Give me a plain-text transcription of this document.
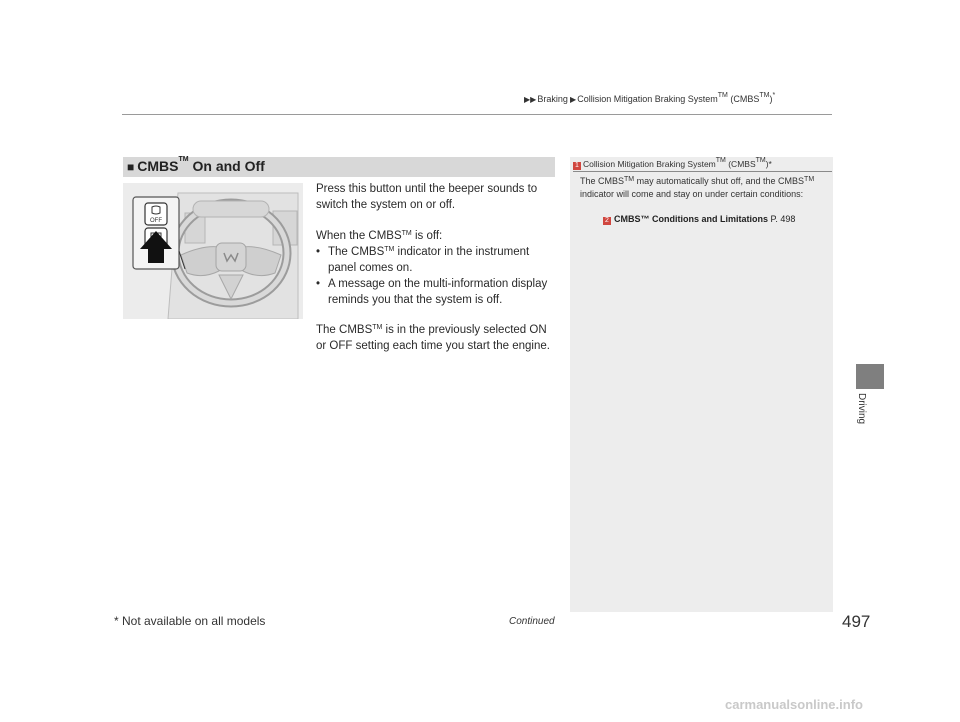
▶▶Braking ▶Collision Mitigation Braking System™ (CMBS™)*
■ CMBS™ On and Off
OFF
Press this button until the beeper sounds to switch the system on or off.
When the CMBS™ is off:
• The CMBS™ indicator in the instrument panel comes on.
• A message on the multi-information display reminds you that the system is off.
The CMBS™ is in the previously selected ON or OFF setting each time you start the engine.
1 Collision Mitigation Braking System™ (CMBS™)*
The CMBS™ may automatically shut off, and the CMBS™ indicator will come and stay on under certain conditions:
2 CMBS™ Conditions and Limitations P. 498
Driving
* Not available on all models	Continued	497
carmanualsonline.info
